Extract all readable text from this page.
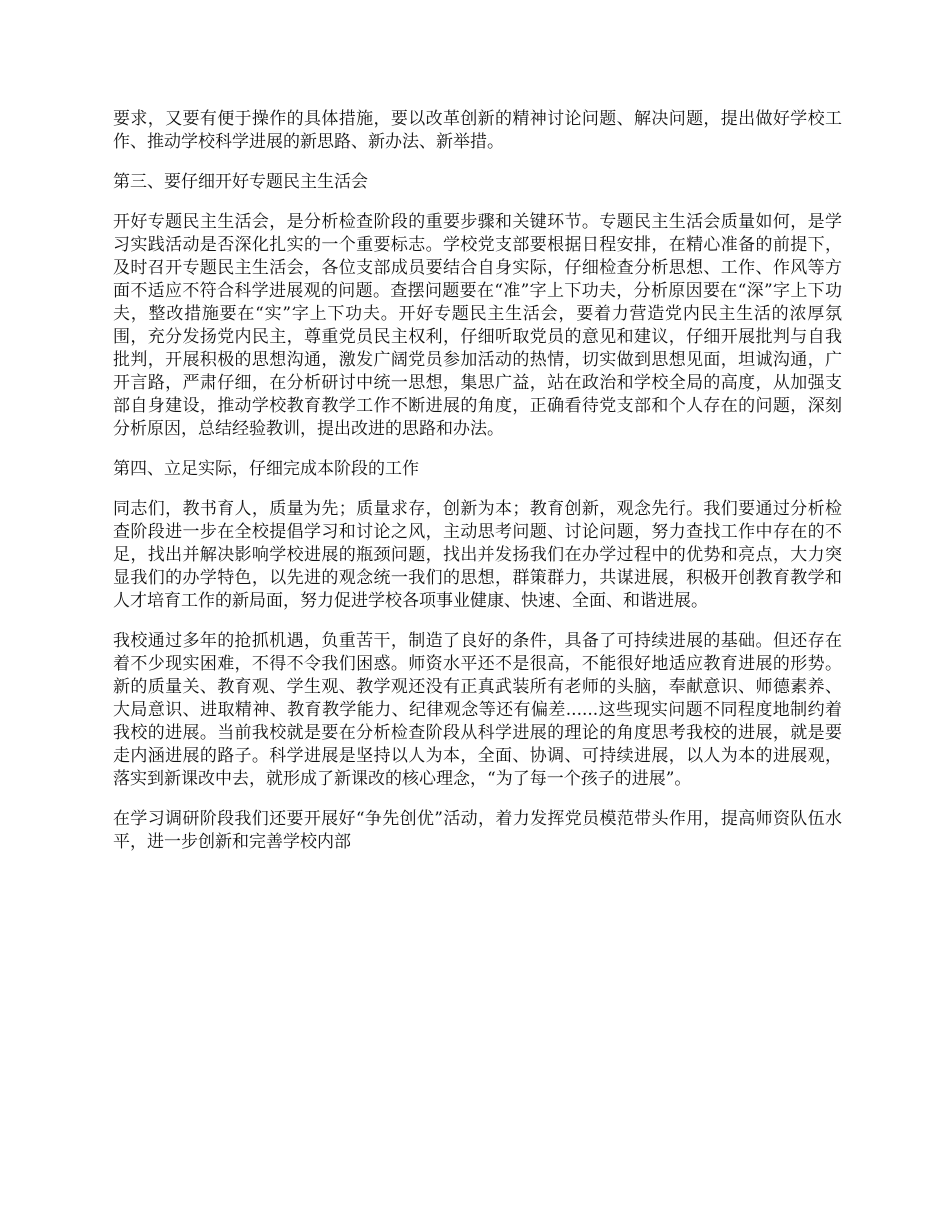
要求，又要有便于操作的具体措施，要以改革创新的精神讨论问题、解决问题，提出做好学校工作、推动学校科学进展的新思路、新办法、新举措。

第三、要仔细开好专题民主生活会

开好专题民主生活会，是分析检查阶段的重要步骤和关键环节。专题民主生活会质量如何，是学习实践活动是否深化扎实的一个重要标志。学校党支部要根据日程安排，在精心准备的前提下，及时召开专题民主生活会，各位支部成员要结合自身实际，仔细检查分析思想、工作、作风等方面不适应不符合科学进展观的问题。查摆问题要在“准”字上下功夫，分析原因要在“深”字上下功夫，整改措施要在“实”字上下功夫。开好专题民主生活会，要着力营造党内民主生活的浓厚氛围，充分发扬党内民主，尊重党员民主权利，仔细听取党员的意见和建议，仔细开展批判与自我批判，开展积极的思想沟通，激发广阔党员参加活动的热情，切实做到思想见面，坦诚沟通，广开言路，严肃仔细，在分析研讨中统一思想，集思广益，站在政治和学校全局的高度，从加强支部自身建设，推动学校教育教学工作不断进展的角度，正确看待党支部和个人存在的问题，深刻分析原因，总结经验教训，提出改进的思路和办法。

第四、立足实际，仔细完成本阶段的工作

同志们，教书育人，质量为先；质量求存，创新为本；教育创新，观念先行。我们要通过分析检查阶段进一步在全校提倡学习和讨论之风，主动思考问题、讨论问题，努力查找工作中存在的不足，找出并解决影响学校进展的瓶颈问题，找出并发扬我们在办学过程中的优势和亮点，大力突显我们的办学特色，以先进的观念统一我们的思想，群策群力，共谋进展，积极开创教育教学和人才培育工作的新局面，努力促进学校各项事业健康、快速、全面、和谐进展。

我校通过多年的抢抓机遇，负重苦干，制造了良好的条件，具备了可持续进展的基础。但还存在着不少现实困难，不得不令我们困惑。师资水平还不是很高，不能很好地适应教育进展的形势。新的质量关、教育观、学生观、教学观还没有正真武装所有老师的头脑，奉献意识、师德素养、大局意识、进取精神、教育教学能力、纪律观念等还有偏差......这些现实问题不同程度地制约着我校的进展。当前我校就是要在分析检查阶段从科学进展的理论的角度思考我校的进展，就是要走内涵进展的路子。科学进展是坚持以人为本，全面、协调、可持续进展，以人为本的进展观，落实到新课改中去，就形成了新课改的核心理念，“为了每一个孩子的进展”。

在学习调研阶段我们还要开展好“争先创优”活动，着力发挥党员模范带头作用，提高师资队伍水平，进一步创新和完善学校内部
